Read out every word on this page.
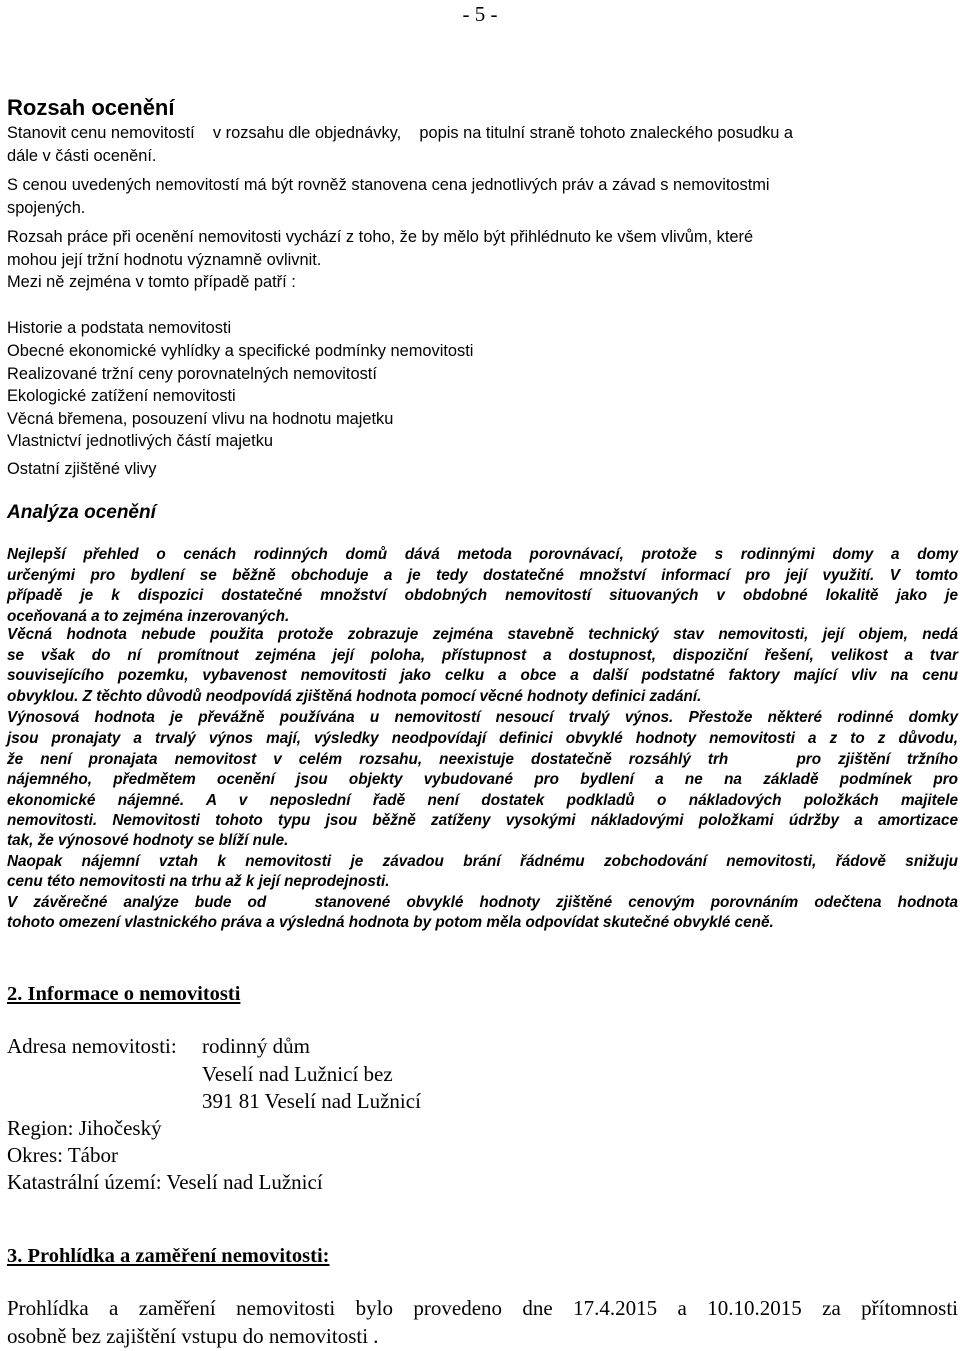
- 5 -
Rozsah ocenění
Stanovit cenu nemovitostí    v rozsahu dle objednávky,    popis na titulní straně tohoto znaleckého posudku a
dále v části ocenění.
S cenou uvedených nemovitostí má být rovněž stanovena cena jednotlivých práv a závad s nemovitostmi
spojených.
Rozsah práce při ocenění nemovitosti vychází z toho, že by mělo být přihlédnuto ke všem vlivům, které
mohou její tržní hodnotu významně ovlivnit.
Mezi ně zejména v tomto případě patří :
Historie a podstata nemovitosti
Obecné ekonomické vyhlídky a specifické podmínky nemovitosti
Realizované tržní ceny porovnatelných nemovitostí
Ekologické zatížení nemovitosti
Věcná břemena, posouzení vlivu na hodnotu majetku
Vlastnictví jednotlivých částí majetku
Ostatní zjištěné vlivy
Analýza ocenění
Nejlepší přehled o cenách rodinných domů dává metoda porovnávací, protože s rodinnými domy a domy
určenými pro bydlení se běžně obchoduje a je tedy dostatečné množství informací pro její využití. V tomto
případě je k dispozici dostatečné množství obdobných nemovitostí situovaných v obdobné lokalitě jako je
oceňovaná a to zejména inzerovaných.
Věcná hodnota nebude použita protože zobrazuje zejména stavebně technický stav nemovitosti, její objem, nedá
se však do ní promítnout zejména její poloha, přístupnost a dostupnost, dispoziční řešení, velikost a tvar
souvisejícího pozemku, vybavenost nemovitosti jako celku a obce a další podstatné faktory mající vliv na cenu
obvyklou. Z těchto důvodů neodpovídá zjištěná hodnota pomocí věcné hodnoty definici zadání.
Výnosová hodnota je převážně používána u nemovitostí nesoucí trvalý výnos. Přestože některé rodinné domky
jsou pronajaty a trvalý výnos mají, výsledky neodpovídají definici obvyklé hodnoty nemovitosti a z to z důvodu,
že není pronajata nemovitost v celém rozsahu, neexistuje dostatečně rozsáhlý trh    pro zjištění tržního
nájemného, předmětem ocenění jsou objekty vybudované pro bydlení a ne na základě podmínek pro
ekonomické nájemné. A v neposlední řadě není dostatek podkladů o nákladových položkách majitele
nemovitosti. Nemovitosti tohoto typu jsou běžně zatíženy vysokými nákladovými položkami údržby a amortizace
tak, že výnosové hodnoty se blíží nule.
Naopak nájemní vztah k nemovitosti je závadou brání řádnému zobchodování nemovitosti, řádově snižuju
cenu této nemovitosti na trhu až k její neprodejnosti.
V závěrečné analýze bude od   stanovené obvyklé hodnoty zjištěné cenovým porovnáním odečtena hodnota
tohoto omezení vlastnického práva a výsledná hodnota by potom měla odpovídat skutečné obvyklé ceně.
2. Informace o nemovitosti
Adresa nemovitosti: rodinný dům
Veselí nad Lužnicí bez
391 81 Veselí nad Lužnicí
Region: Jihočeský
Okres: Tábor
Katastrální území: Veselí nad Lužnicí
3. Prohlídka a zaměření nemovitosti:
Prohlídka a zaměření nemovitosti bylo provedeno dne 17.4.2015 a 10.10.2015 za přítomnosti
osobně bez zajištění vstupu do nemovitosti .
